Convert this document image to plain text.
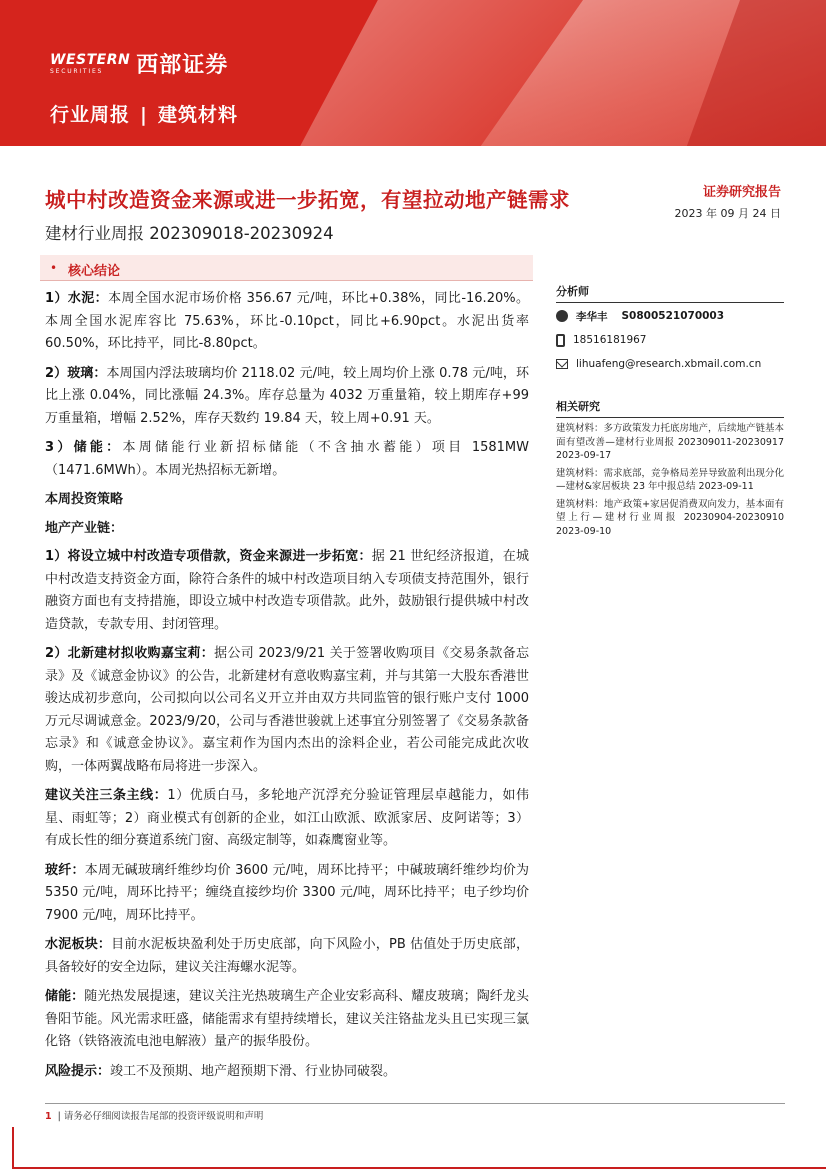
WESTERN
SECURITIES	西部证券
行业周报 | 建筑材料
城中村改造资金来源或进一步拓宽，有望拉动地产链需求
建材行业周报 202309018-20230924
证券研究报告
2023 年 09 月 24 日
• 核心结论

1）水泥：本周全国水泥市场价格 356.67 元/吨，环比+0.38%，同比-16.20%。本周全国水泥库容比 75.63%，环比-0.10pct，同比+6.90pct。水泥出货率 60.50%，环比持平，同比-8.80pct。

2）玻璃：本周国内浮法玻璃均价 2118.02 元/吨，较上周均价上涨 0.78 元/吨，环比上涨 0.04%，同比涨幅 24.3%。库存总量为 4032 万重量箱，较上期库存+99 万重量箱，增幅 2.52%，库存天数约 19.84 天，较上周+0.91 天。

3）储能：本周储能行业新招标储能（不含抽水蓄能）项目 1581MW（1471.6MWh）。本周光热招标无新增。

本周投资策略
地产产业链：

1）将设立城中村改造专项借款，资金来源进一步拓宽：据 21 世纪经济报道，在城中村改造支持资金方面，除符合条件的城中村改造项目纳入专项债支持范围外，银行融资方面也有支持措施，即设立城中村改造专项借款。此外，鼓励银行提供城中村改造贷款，专款专用、封闭管理。

2）北新建材拟收购嘉宝莉：据公司 2023/9/21 关于签署收购项目《交易条款备忘录》及《诚意金协议》的公告，北新建材有意收购嘉宝莉，并与其第一大股东香港世骏达成初步意向，公司拟向以公司名义开立并由双方共同监管的银行账户支付 1000 万元尽调诚意金。2023/9/20，公司与香港世骏就上述事宜分别签署了《交易条款备忘录》和《诚意金协议》。嘉宝莉作为国内杰出的涂料企业，若公司能完成此次收购，一体两翼战略布局将进一步深入。

建议关注三条主线：1）优质白马，多轮地产沉浮充分验证管理层卓越能力，如伟星、雨虹等；2）商业模式有创新的企业，如江山欧派、欧派家居、皮阿诺等；3）有成长性的细分赛道系统门窗、高级定制等，如森鹰窗业等。

玻纤：本周无碱玻璃纤维纱均价 3600 元/吨，周环比持平；中碱玻璃纤维纱均价为 5350 元/吨，周环比持平；缠绕直接纱均价 3300 元/吨，周环比持平；电子纱均价 7900 元/吨，周环比持平。

水泥板块：目前水泥板块盈利处于历史底部，向下风险小，PB 估值处于历史底部，具备较好的安全边际，建议关注海螺水泥等。

储能：随光热发展提速，建议关注光热玻璃生产企业安彩高科、耀皮玻璃；陶纤龙头鲁阳节能。风光需求旺盛，储能需求有望持续增长，建议关注铬盐龙头且已实现三氯化铬（铁铬液流电池电解液）量产的振华股份。

风险提示：竣工不及预期、地产超预期下滑、行业协同破裂。

分析师
李华丰 S0800521070003
18516181967
lihuafeng@research.xbmail.com.cn
相关研究
建筑材料：多方政策发力托底房地产，后续地产链基本面有望改善—建材行业周报 202309011-20230917 2023-09-17
建筑材料：需求底部，竞争格局差异导致盈利出现分化 —建材&家居板块 23 年中报总结 2023-09-11
建筑材料：地产政策+家居促消费双向发力，基本面有望上行—建材行业周报 20230904-20230910 2023-09-10
1 | 请务必仔细阅读报告尾部的投资评级说明和声明
